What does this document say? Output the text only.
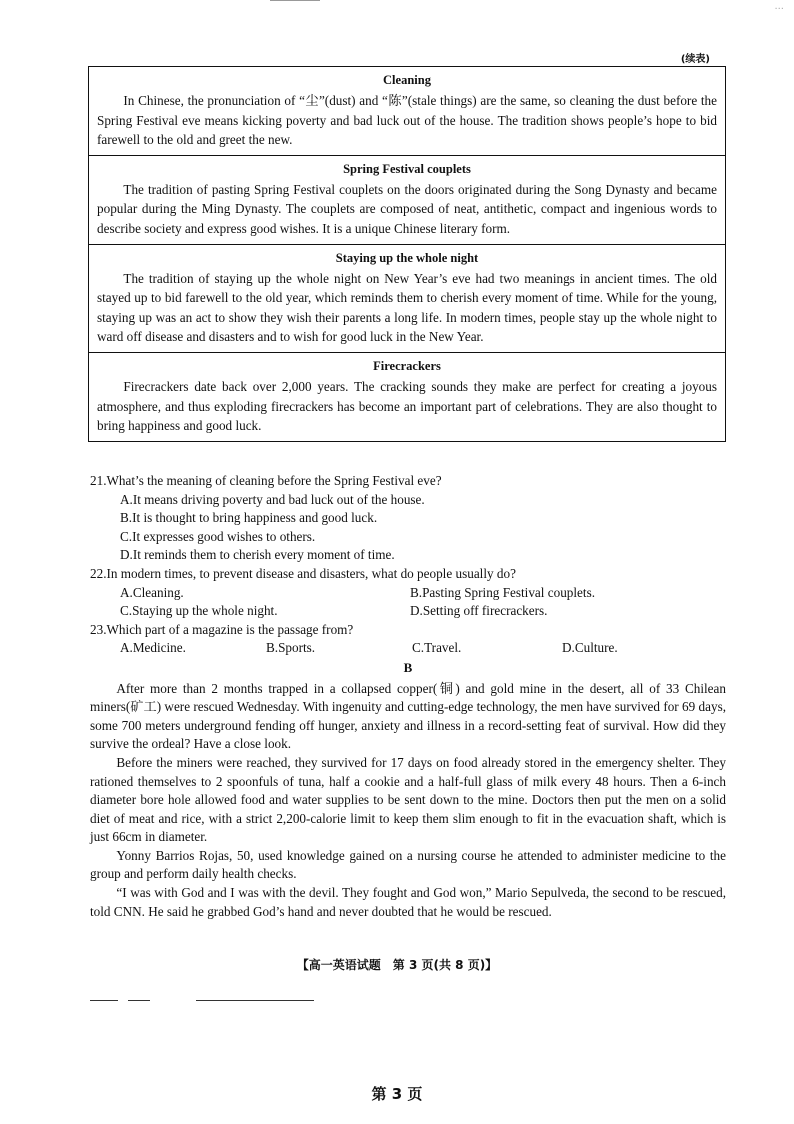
···
(续表)
Cleaning

In Chinese, the pronunciation of “尘”(dust) and “陈”(stale things) are the same, so cleaning the dust before the Spring Festival eve means kicking poverty and bad luck out of the house. The tradition shows people’s hope to bid farewell to the old and greet the new.

Spring Festival couplets

The tradition of pasting Spring Festival couplets on the doors originated during the Song Dynasty and became popular during the Ming Dynasty. The couplets are composed of neat, antithetic, compact and ingenious words to describe society and express good wishes. It is a unique Chinese literary form.

Staying up the whole night

The tradition of staying up the whole night on New Year’s eve had two meanings in ancient times. The old stayed up to bid farewell to the old year, which reminds them to cherish every moment of time. While for the young, staying up was an act to show they wish their parents a long life. In modern times, people stay up the whole night to ward off disease and disasters and to wish for good luck in the New Year.

Firecrackers

Firecrackers date back over 2,000 years. The cracking sounds they make are perfect for creating a joyous atmosphere, and thus exploding firecrackers has become an important part of celebrations. They are also thought to bring happiness and good luck.

21.What’s the meaning of cleaning before the Spring Festival eve?

A.It means driving poverty and bad luck out of the house.

B.It is thought to bring happiness and good luck.

C.It expresses good wishes to others.

D.It reminds them to cherish every moment of time.

22.In modern times, to prevent disease and disasters, what do people usually do?

A.Cleaning.	B.Pasting Spring Festival couplets.
C.Staying up the whole night.	D.Setting off firecrackers.

23.Which part of a magazine is the passage from?

A.Medicine.	B.Sports.	C.Travel.	D.Culture.
B

After more than 2 months trapped in a collapsed copper(铜) and gold mine in the desert, all of 33 Chilean miners(矿工) were rescued Wednesday. With ingenuity and cutting-edge technology, the men have survived for 69 days, some 700 meters underground fending off hunger, anxiety and illness in a record-setting feat of survival. How did they survive the ordeal? Have a close look.

Before the miners were reached, they survived for 17 days on food already stored in the emergency shelter. They rationed themselves to 2 spoonfuls of tuna, half a cookie and a half-full glass of milk every 48 hours. Then a 6-inch diameter bore hole allowed food and water supplies to be sent down to the mine. Doctors then put the men on a solid diet of meat and rice, with a strict 2,200-calorie limit to keep them slim enough to fit in the evacuation shaft, which is just 66cm in diameter.

Yonny Barrios Rojas, 50, used knowledge gained on a nursing course he attended to administer medicine to the group and perform daily health checks.

“I was with God and I was with the devil. They fought and God won,” Mario Sepulveda, the second to be rescued, told CNN. He said he grabbed God’s hand and never doubted that he would be rescued.

【高一英语试题　第 3 页(共 8 页)】
第 3 页
